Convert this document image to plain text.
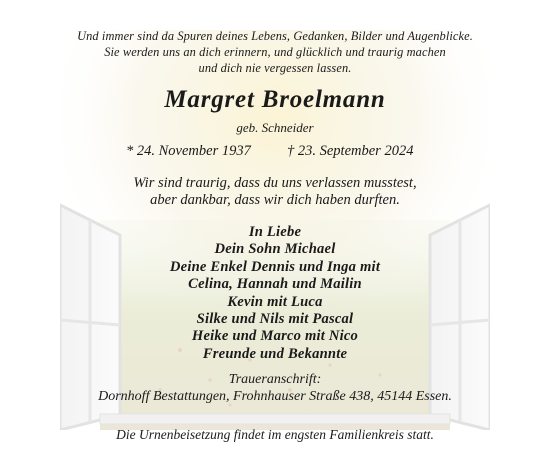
Und immer sind da Spuren deines Lebens, Gedanken, Bilder und Augenblicke.
Sie werden uns an dich erinnern, und glücklich und traurig machen
und dich nie vergessen lassen.
Margret Broelmann
geb. Schneider
* 24. November 1937 † 23. September 2024
Wir sind traurig, dass du uns verlassen musstest,
aber dankbar, dass wir dich haben durften.
In Liebe
Dein Sohn Michael
Deine Enkel Dennis und Inga mit
Celina, Hannah und Mailin
Kevin mit Luca
Silke und Nils mit Pascal
Heike und Marco mit Nico
Freunde und Bekannte
Traueranschrift:
Dornhoff Bestattungen, Frohnhauser Straße 438, 45144 Essen.
Die Urnenbeisetzung findet im engsten Familienkreis statt.
